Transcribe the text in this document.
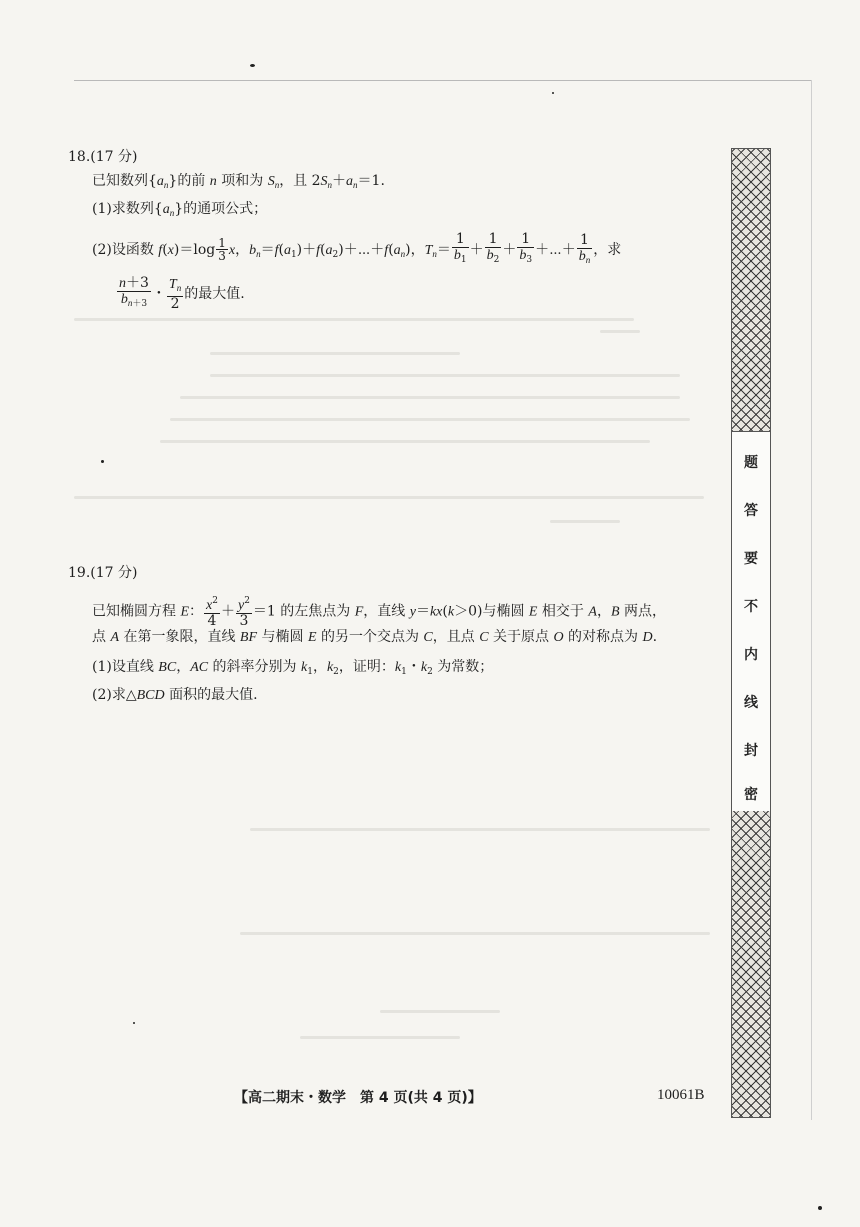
18.(17 分)
已知数列$\{a_n\}$的前 n 项和为 $S_n$，且 $2S_n+a_n=1$.
(1)求数列$\{a_n\}$的通项公式；
(2)设函数 $f(x)=\log \frac{1}{3}$ x，$b_n=f(a_1)+f(a_2)+\cdots+f(a_n)$，$T_n= \frac{1}{b_1} + \frac{1}{b_2} + \frac{1}{b_3}$ ＋⋯＋ $\frac{1}{b_n}$ ，求
$\frac{n+3}{b_{n+3}}$ ・ $\frac{T_n}{2}$ 的最大值.
19.(17 分)
已知椭圆方程 E： $\frac{x^2}{4} + \frac{y^2}{3} =1$ 的左焦点为 F，直线 y＝kx(k＞0)与椭圆 E 相交于 A，B 两点，
点 A 在第一象限，直线 BF 与椭圆 E 的另一个交点为 C，且点 C 关于原点 O 的对称点为 D.
(1)设直线 BC，AC 的斜率分别为 $k_1$，$k_2$，证明：$k_1$・$k_2$ 为常数；
(2)求△BCD 面积的最大值.
题
答
要
不
内
线
封
密
【高二期末・数学　第 4 页(共 4 页)】	10061B
